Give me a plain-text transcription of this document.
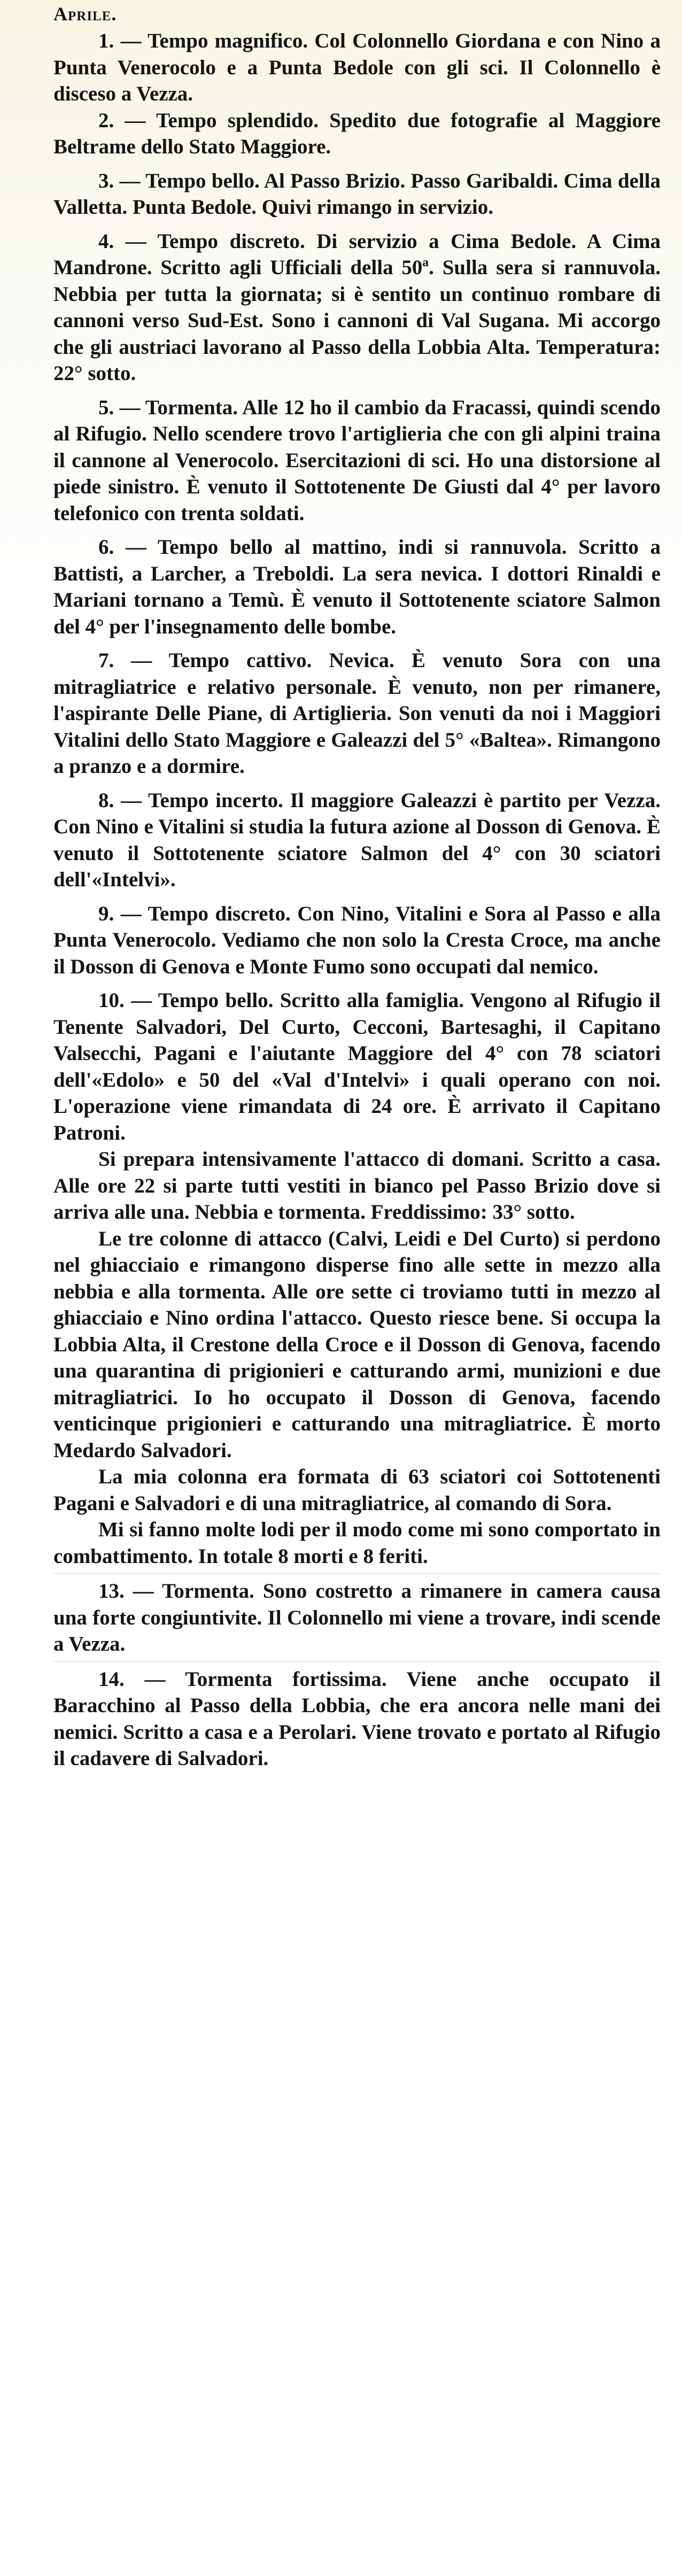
Aprile.

1. — Tempo magnifico. Col Colonnello Giordana e con Nino a Punta Venerocolo e a Punta Bedole con gli sci. Il Colonnello è disceso a Vezza.

2. — Tempo splendido. Spedito due fotografie al Maggiore Beltrame dello Stato Maggiore.

3. — Tempo bello. Al Passo Brizio. Passo Garibaldi. Cima della Valletta. Punta Bedole. Quivi rimango in servizio.

4. — Tempo discreto. Di servizio a Cima Bedole. A Cima Mandrone. Scritto agli Ufficiali della 50ª. Sulla sera si rannuvola. Nebbia per tutta la giornata; si è sentito un continuo rombare di cannoni verso Sud-Est. Sono i cannoni di Val Sugana. Mi accorgo che gli austriaci lavorano al Passo della Lobbia Alta. Temperatura: 22° sotto.

5. — Tormenta. Alle 12 ho il cambio da Fracassi, quindi scendo al Rifugio. Nello scendere trovo l'artiglieria che con gli alpini traina il cannone al Venerocolo. Esercitazioni di sci. Ho una distorsione al piede sinistro. È venuto il Sottotenente De Giusti dal 4° per lavoro telefonico con trenta soldati.

6. — Tempo bello al mattino, indi si rannuvola. Scritto a Battisti, a Larcher, a Treboldi. La sera nevica. I dottori Rinaldi e Mariani tornano a Temù. È venuto il Sottotenente sciatore Salmon del 4° per l'insegnamento delle bombe.

7. — Tempo cattivo. Nevica. È venuto Sora con una mitragliatrice e relativo personale. È venuto, non per rimanere, l'aspirante Delle Piane, di Artiglieria. Son venuti da noi i Maggiori Vitalini dello Stato Maggiore e Galeazzi del 5° «Baltea». Rimangono a pranzo e a dormire.

8. — Tempo incerto. Il maggiore Galeazzi è partito per Vezza. Con Nino e Vitalini si studia la futura azione al Dosson di Genova. È venuto il Sottotenente sciatore Salmon del 4° con 30 sciatori dell'«Intelvi».

9. — Tempo discreto. Con Nino, Vitalini e Sora al Passo e alla Punta Venerocolo. Vediamo che non solo la Cresta Croce, ma anche il Dosson di Genova e Monte Fumo sono occupati dal nemico.

10. — Tempo bello. Scritto alla famiglia. Vengono al Rifugio il Tenente Salvadori, Del Curto, Cecconi, Bartesaghi, il Capitano Valsecchi, Pagani e l'aiutante Maggiore del 4° con 78 sciatori dell'«Edolo» e 50 del «Val d'Intelvi» i quali operano con noi. L'operazione viene rimandata di 24 ore. È arrivato il Capitano Patroni.

Si prepara intensivamente l'attacco di domani. Scritto a casa. Alle ore 22 si parte tutti vestiti in bianco pel Passo Brizio dove si arriva alle una. Nebbia e tormenta. Freddissimo: 33° sotto.

Le tre colonne di attacco (Calvi, Leidi e Del Curto) si perdono nel ghiacciaio e rimangono disperse fino alle sette in mezzo alla nebbia e alla tormenta. Alle ore sette ci troviamo tutti in mezzo al ghiacciaio e Nino ordina l'attacco. Questo riesce bene. Si occupa la Lobbia Alta, il Crestone della Croce e il Dosson di Genova, facendo una quarantina di prigionieri e catturando armi, munizioni e due mitragliatrici. Io ho occupato il Dosson di Genova, facendo venticinque prigionieri e catturando una mitragliatrice. È morto Medardo Salvadori.

La mia colonna era formata di 63 sciatori coi Sottotenenti Pagani e Salvadori e di una mitragliatrice, al comando di Sora.

Mi si fanno molte lodi per il modo come mi sono comportato in combattimento. In totale 8 morti e 8 feriti.

13. — Tormenta. Sono costretto a rimanere in camera causa una forte congiuntivite. Il Colonnello mi viene a trovare, indi scende a Vezza.

14. — Tormenta fortissima. Viene anche occupato il Baracchino al Passo della Lobbia, che era ancora nelle mani dei nemici. Scritto a casa e a Perolari. Viene trovato e portato al Rifugio il cadavere di Salvadori.
